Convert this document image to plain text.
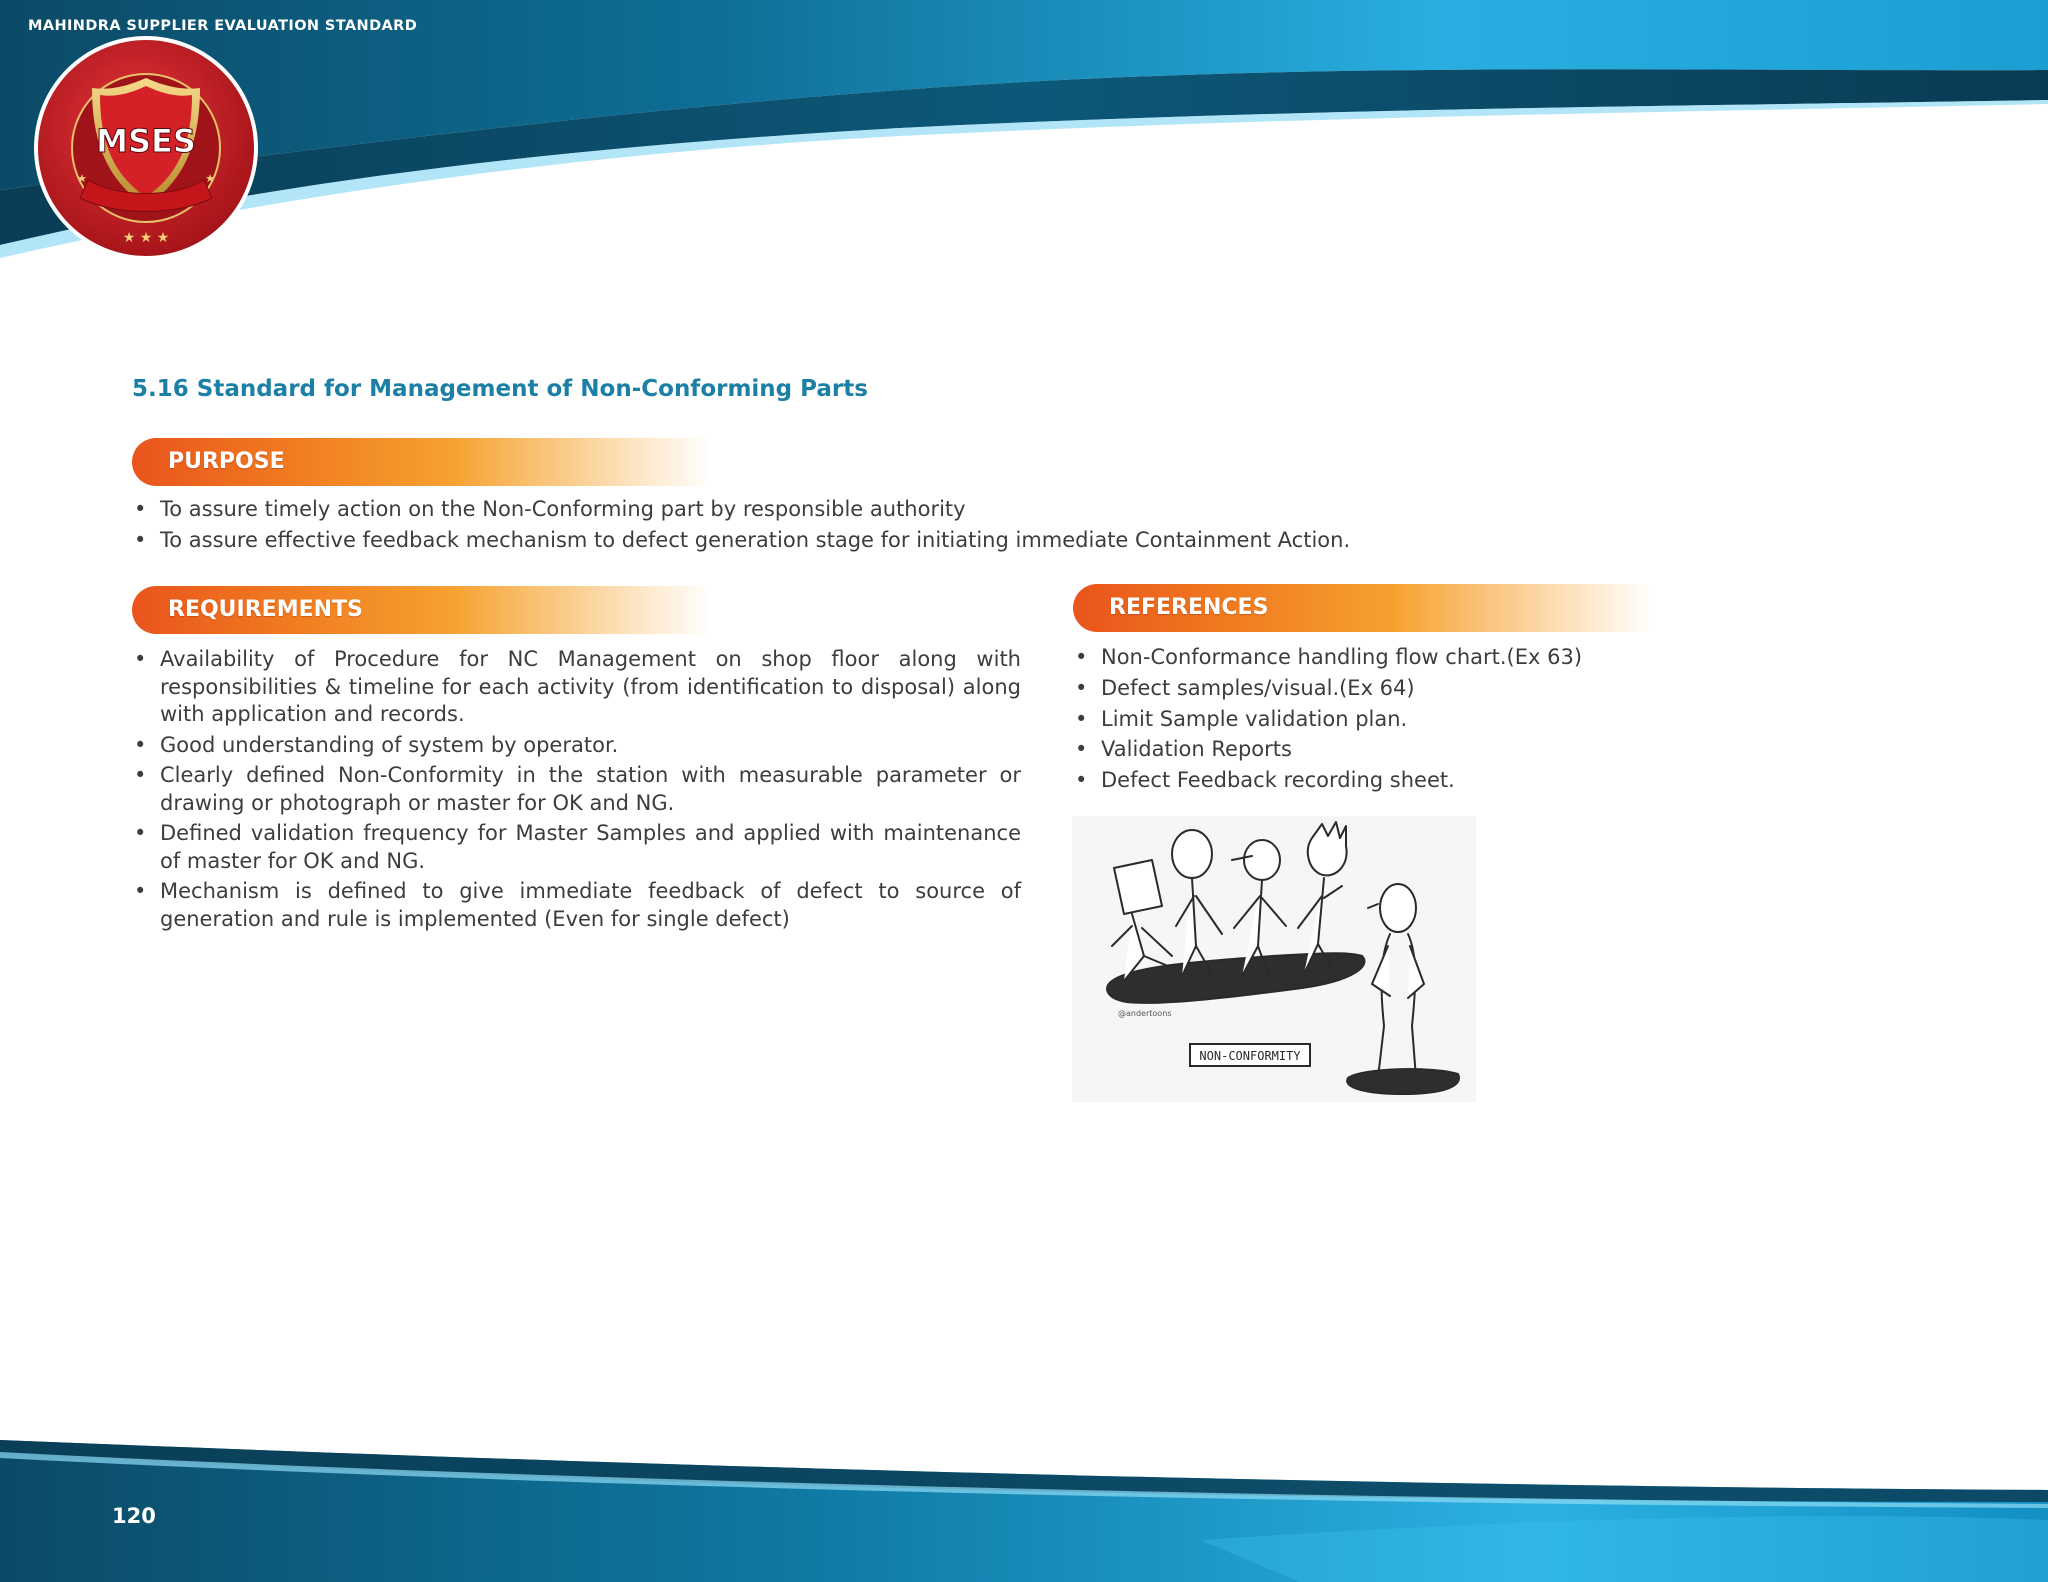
MAHINDRA SUPPLIER EVALUATION STANDARD
MSES
★ ★ ★
★	★
5.16 Standard for Management of Non-Conforming Parts
PURPOSE
• To assure timely action on the Non-Conforming part by responsible authority
• To assure effective feedback mechanism to defect generation stage for initiating immediate Containment Action.
REQUIREMENTS
• Availability of Procedure for NC Management on shop floor along with responsibilities & timeline for each activity (from identification to disposal) along with application and records.
• Good understanding of system by operator.
• Clearly defined Non-Conformity in the station with measurable parameter or drawing or photograph or master for OK and NG.
• Defined validation frequency for Master Samples and applied with maintenance of master for OK and NG.
• Mechanism is defined to give immediate feedback of defect to source of generation and rule is implemented (Even for single defect)
REFERENCES
• Non-Conformance handling flow chart.(Ex 63)
• Defect samples/visual.(Ex 64)
• Limit Sample validation plan.
• Validation Reports
• Defect Feedback recording sheet.
NON-CONFORMITY
@andertoons
120
